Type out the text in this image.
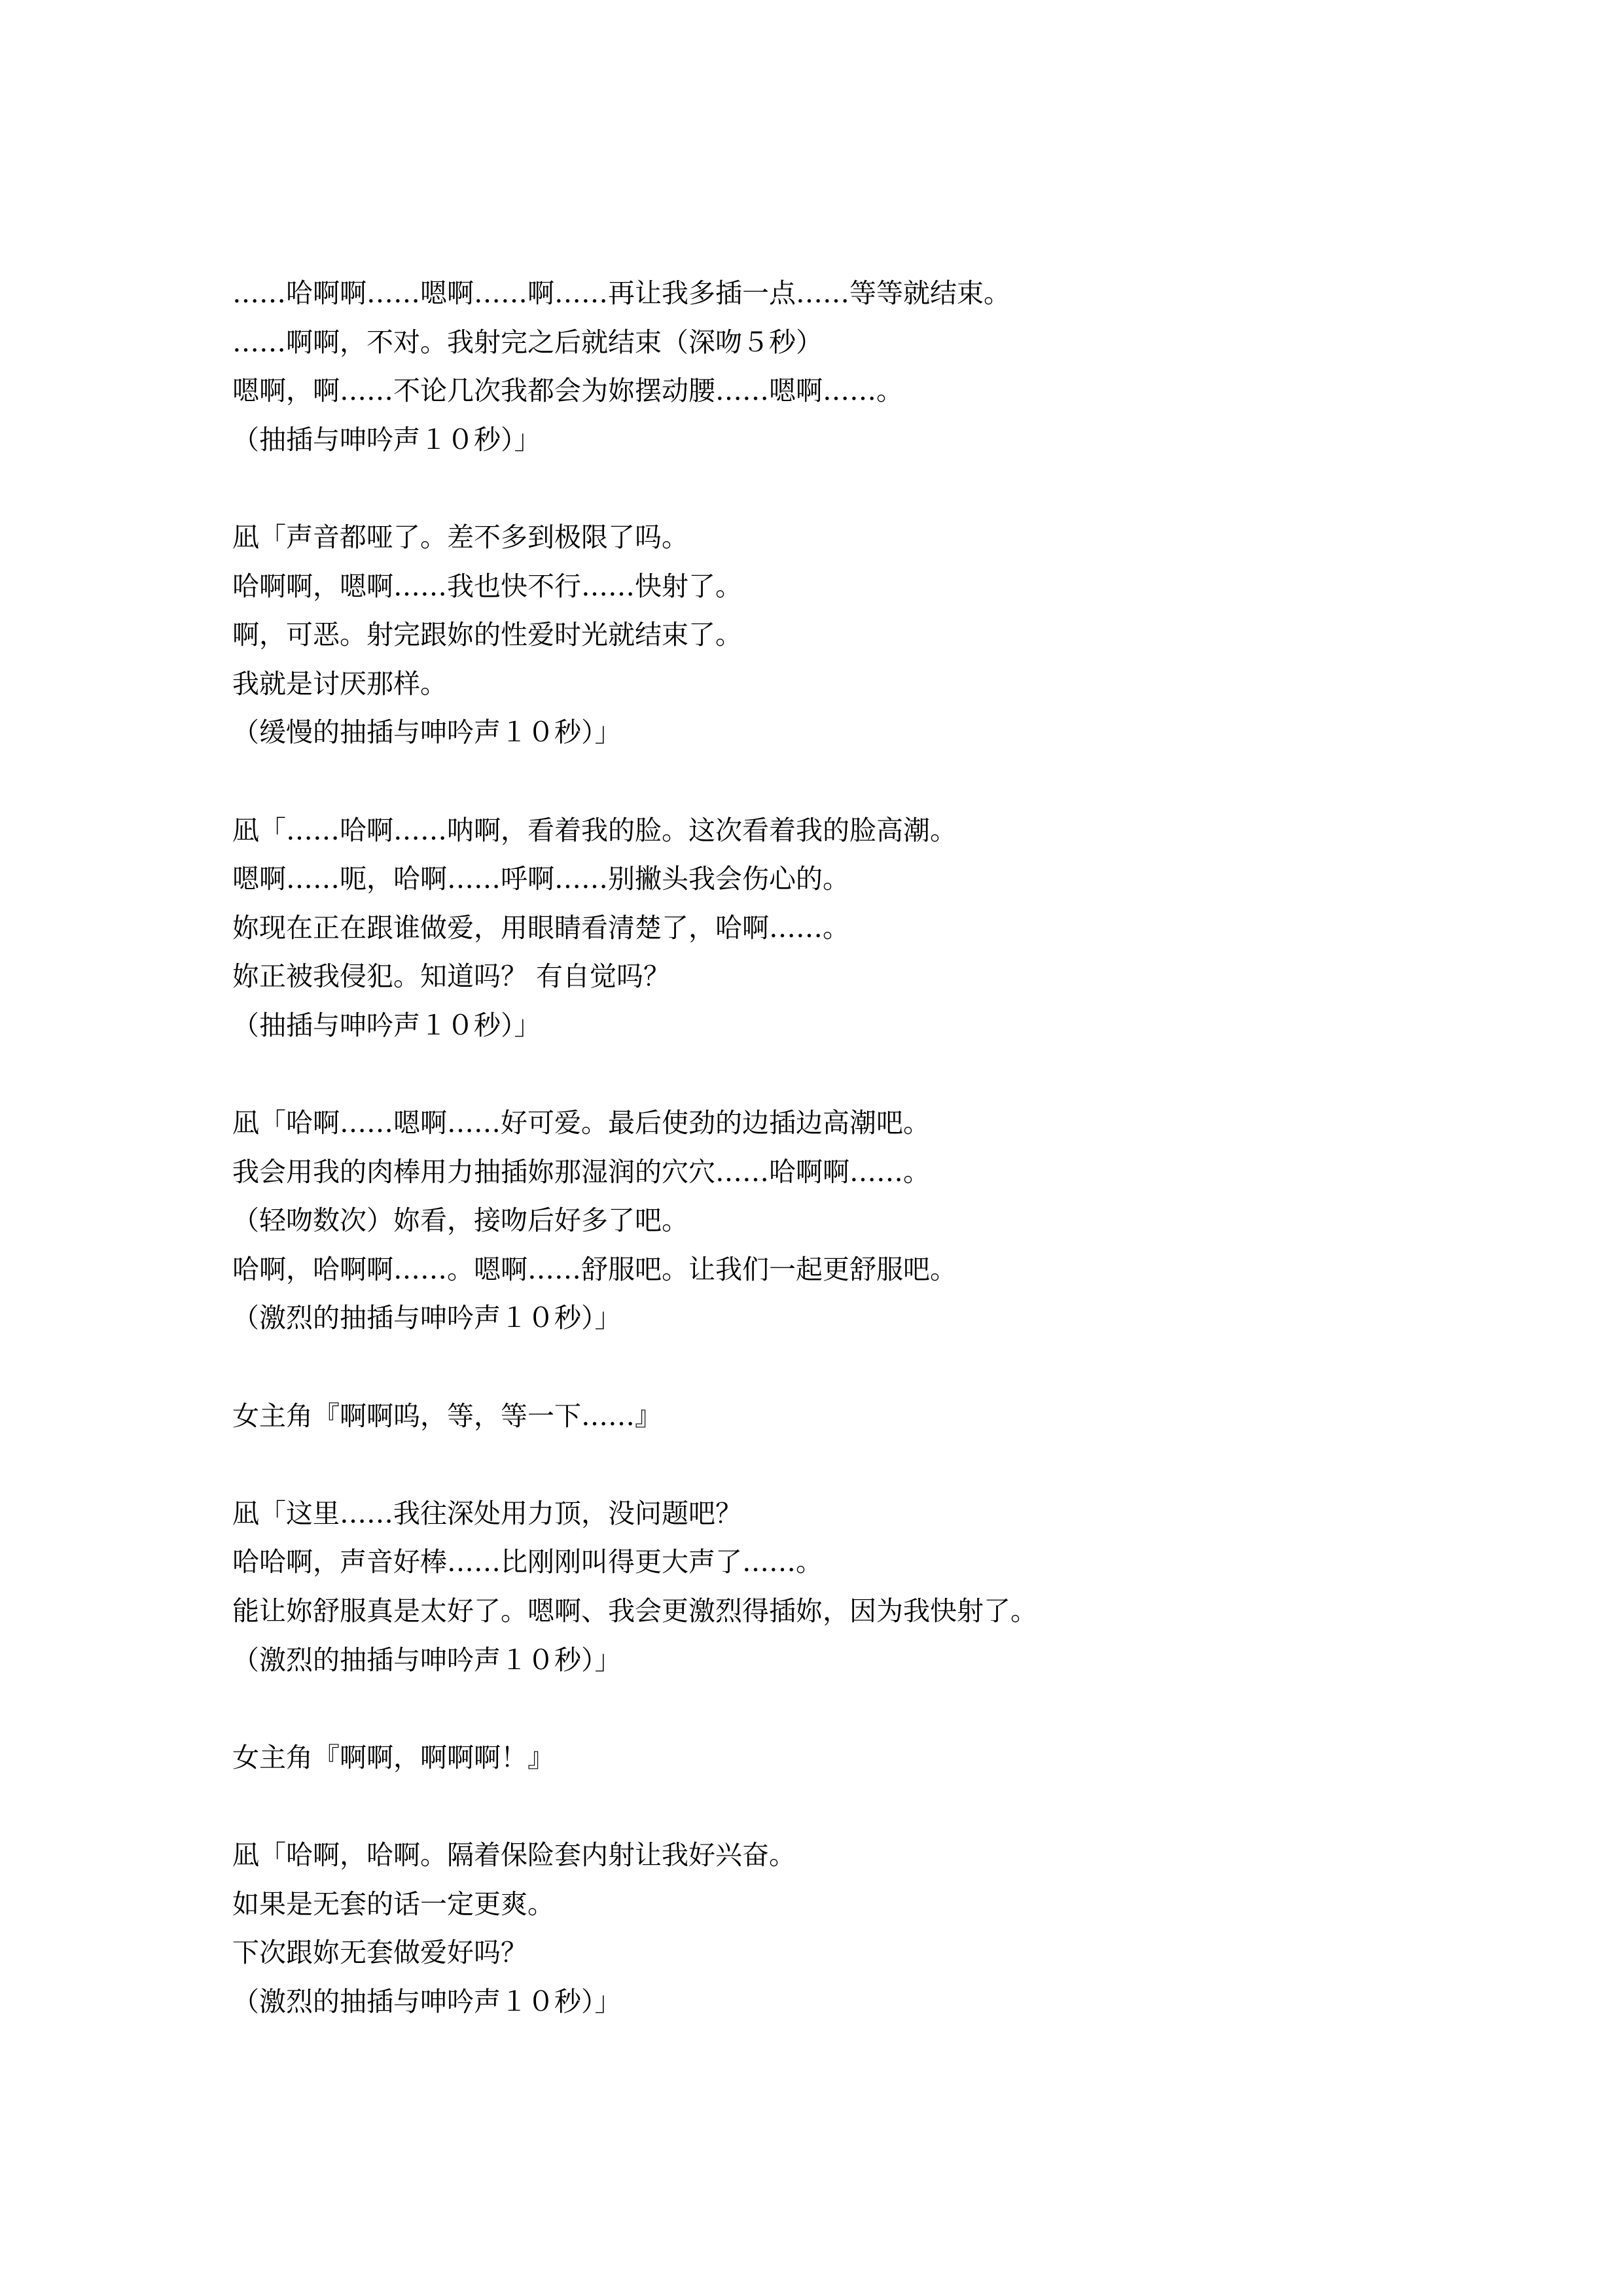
……哈啊啊……嗯啊……啊……再让我多插一点……等等就结束。
……啊啊，不对。我射完之后就结束（深吻５秒）
嗯啊，啊……不论几次我都会为妳摆动腰……嗯啊……。
（抽插与呻吟声１０秒）」
凪「声音都哑了。差不多到极限了吗。
哈啊啊，嗯啊……我也快不行……快射了。
啊，可恶。射完跟妳的性爱时光就结束了。
我就是讨厌那样。
（缓慢的抽插与呻吟声１０秒）」
凪「……哈啊……呐啊，看着我的脸。这次看着我的脸高潮。
嗯啊……呃，哈啊……呼啊……别撇头我会伤心的。
妳现在正在跟谁做爱，用眼睛看清楚了，哈啊……。
妳正被我侵犯。知道吗？ 有自觉吗？
（抽插与呻吟声１０秒）」
凪「哈啊……嗯啊……好可爱。最后使劲的边插边高潮吧。
我会用我的肉棒用力抽插妳那湿润的穴穴……哈啊啊……。
（轻吻数次）妳看，接吻后好多了吧。
哈啊，哈啊啊……。嗯啊……舒服吧。让我们一起更舒服吧。
（激烈的抽插与呻吟声１０秒）」
女主角『啊啊呜，等，等一下……』
凪「这里……我往深处用力顶，没问题吧？
哈哈啊，声音好棒……比刚刚叫得更大声了……。
能让妳舒服真是太好了。嗯啊、我会更激烈得插妳，因为我快射了。
（激烈的抽插与呻吟声１０秒）」
女主角『啊啊，啊啊啊！』
凪「哈啊，哈啊。隔着保险套内射让我好兴奋。
如果是无套的话一定更爽。
下次跟妳无套做爱好吗？
（激烈的抽插与呻吟声１０秒）」
